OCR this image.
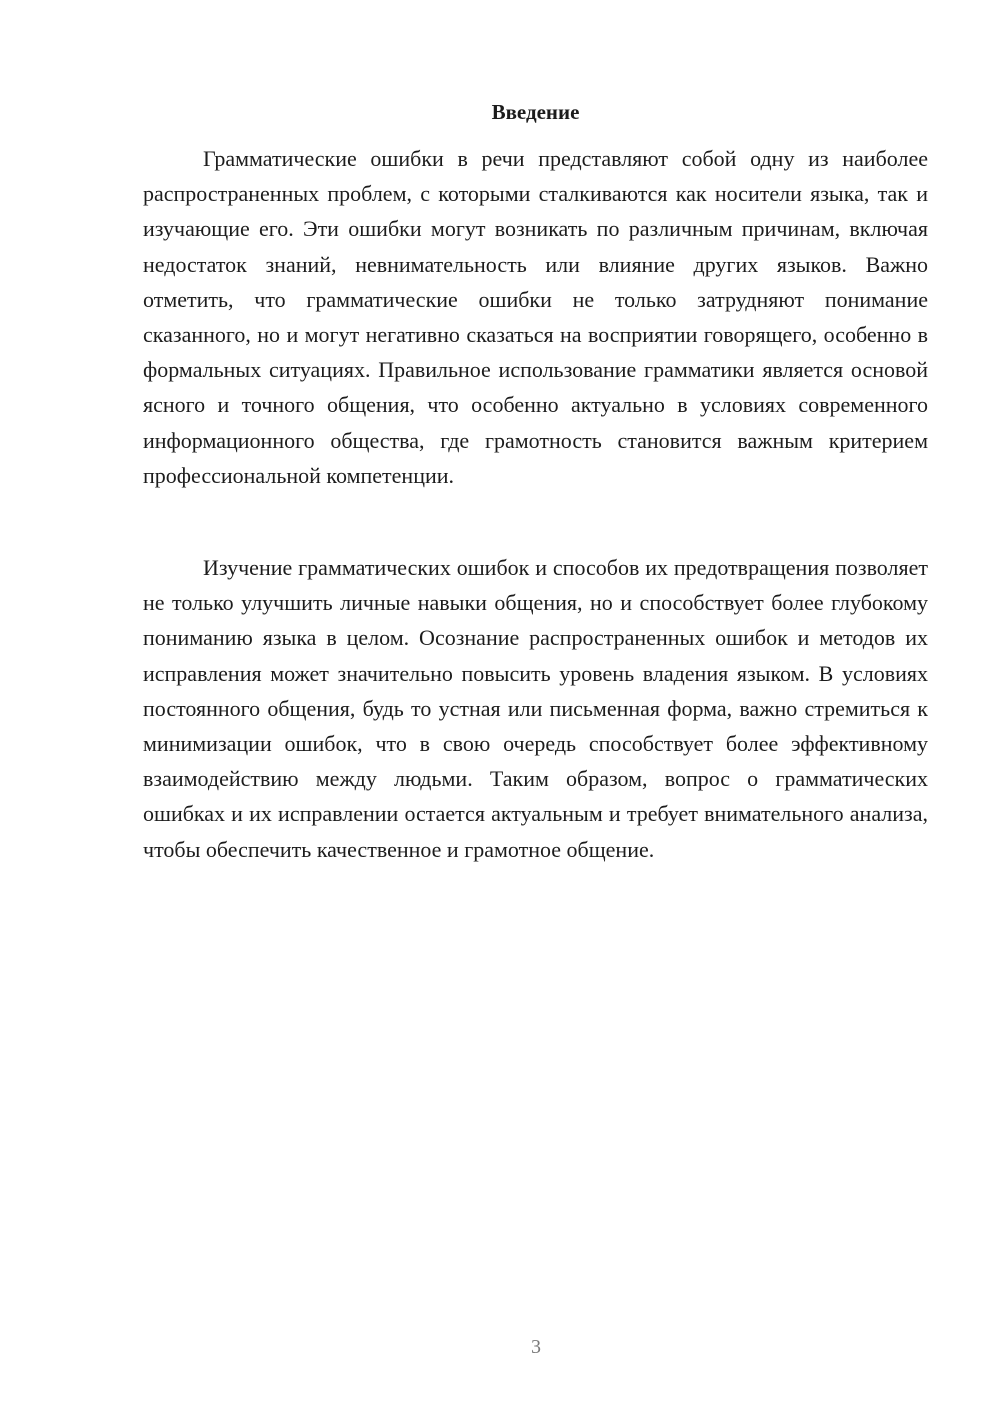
Введение

Грамматические ошибки в речи представляют собой одну из наиболее распространенных проблем, с которыми сталкиваются как носители языка, так и изучающие его. Эти ошибки могут возникать по различным причинам, включая недостаток знаний, невнимательность или влияние других языков. Важно отметить, что грамматические ошибки не только затрудняют понимание сказанного, но и могут негативно сказаться на восприятии говорящего, особенно в формальных ситуациях. Правильное использование грамматики является основой ясного и точного общения, что особенно актуально в условиях современного информационного общества, где грамотность становится важным критерием профессиональной компетенции.

Изучение грамматических ошибок и способов их предотвращения позволяет не только улучшить личные навыки общения, но и способствует более глубокому пониманию языка в целом. Осознание распространенных ошибок и методов их исправления может значительно повысить уровень владения языком. В условиях постоянного общения, будь то устная или письменная форма, важно стремиться к минимизации ошибок, что в свою очередь способствует более эффективному взаимодействию между людьми. Таким образом, вопрос о грамматических ошибках и их исправлении остается актуальным и требует внимательного анализа, чтобы обеспечить качественное и грамотное общение.

3
